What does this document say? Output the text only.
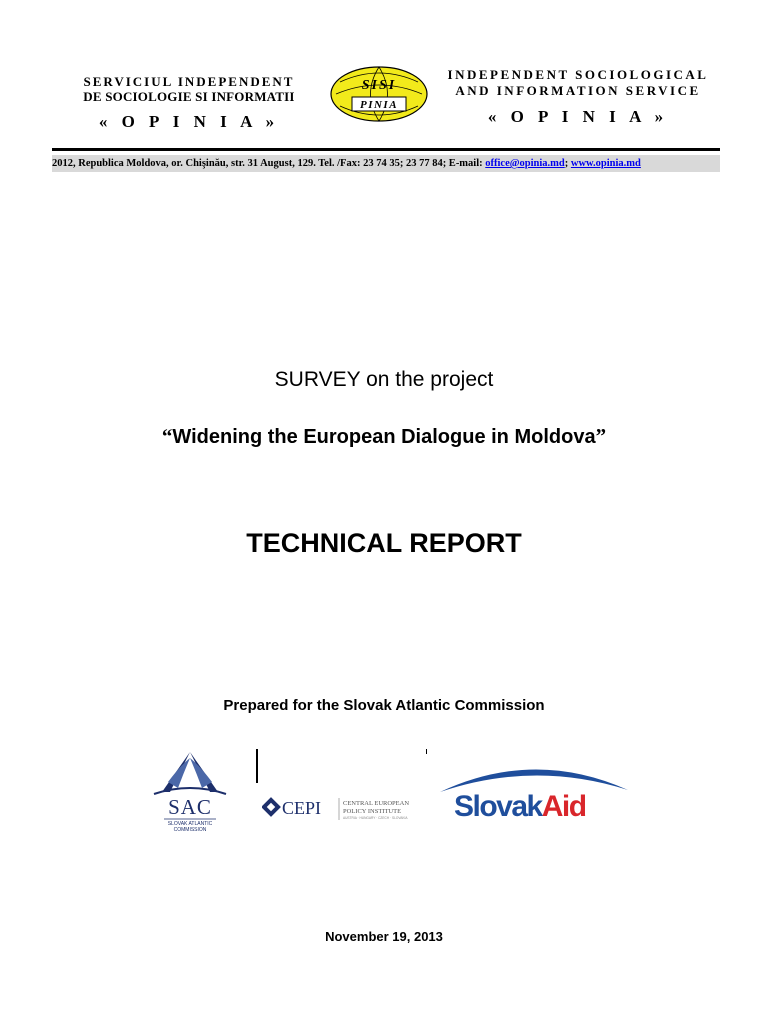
SERVICIUL INDEPENDENT
DE SOCIOLOGIE SI INFORMATII
« O P I N I A »
SISI
PINIA
INDEPENDENT SOCIOLOGICAL
AND INFORMATION SERVICE
« O P I N I A »
2012, Republica Moldova, or. Chişinău, str. 31 August, 129. Tel. /Fax: 23 74 35; 23 77 84; E-mail: office@opinia.md; www.opinia.md
SURVEY on the project
“Widening the European Dialogue in Moldova”
TECHNICAL REPORT
Prepared for the Slovak Atlantic Commission
SAC
SLOVAK ATLANTIC
COMMISSION
CEPI	CENTRAL EUROPEAN
POLICY INSTITUTE
AUSTRIA · HUNGARY · CZECH · SLOVAKIA SlovakAid
November 19, 2013
